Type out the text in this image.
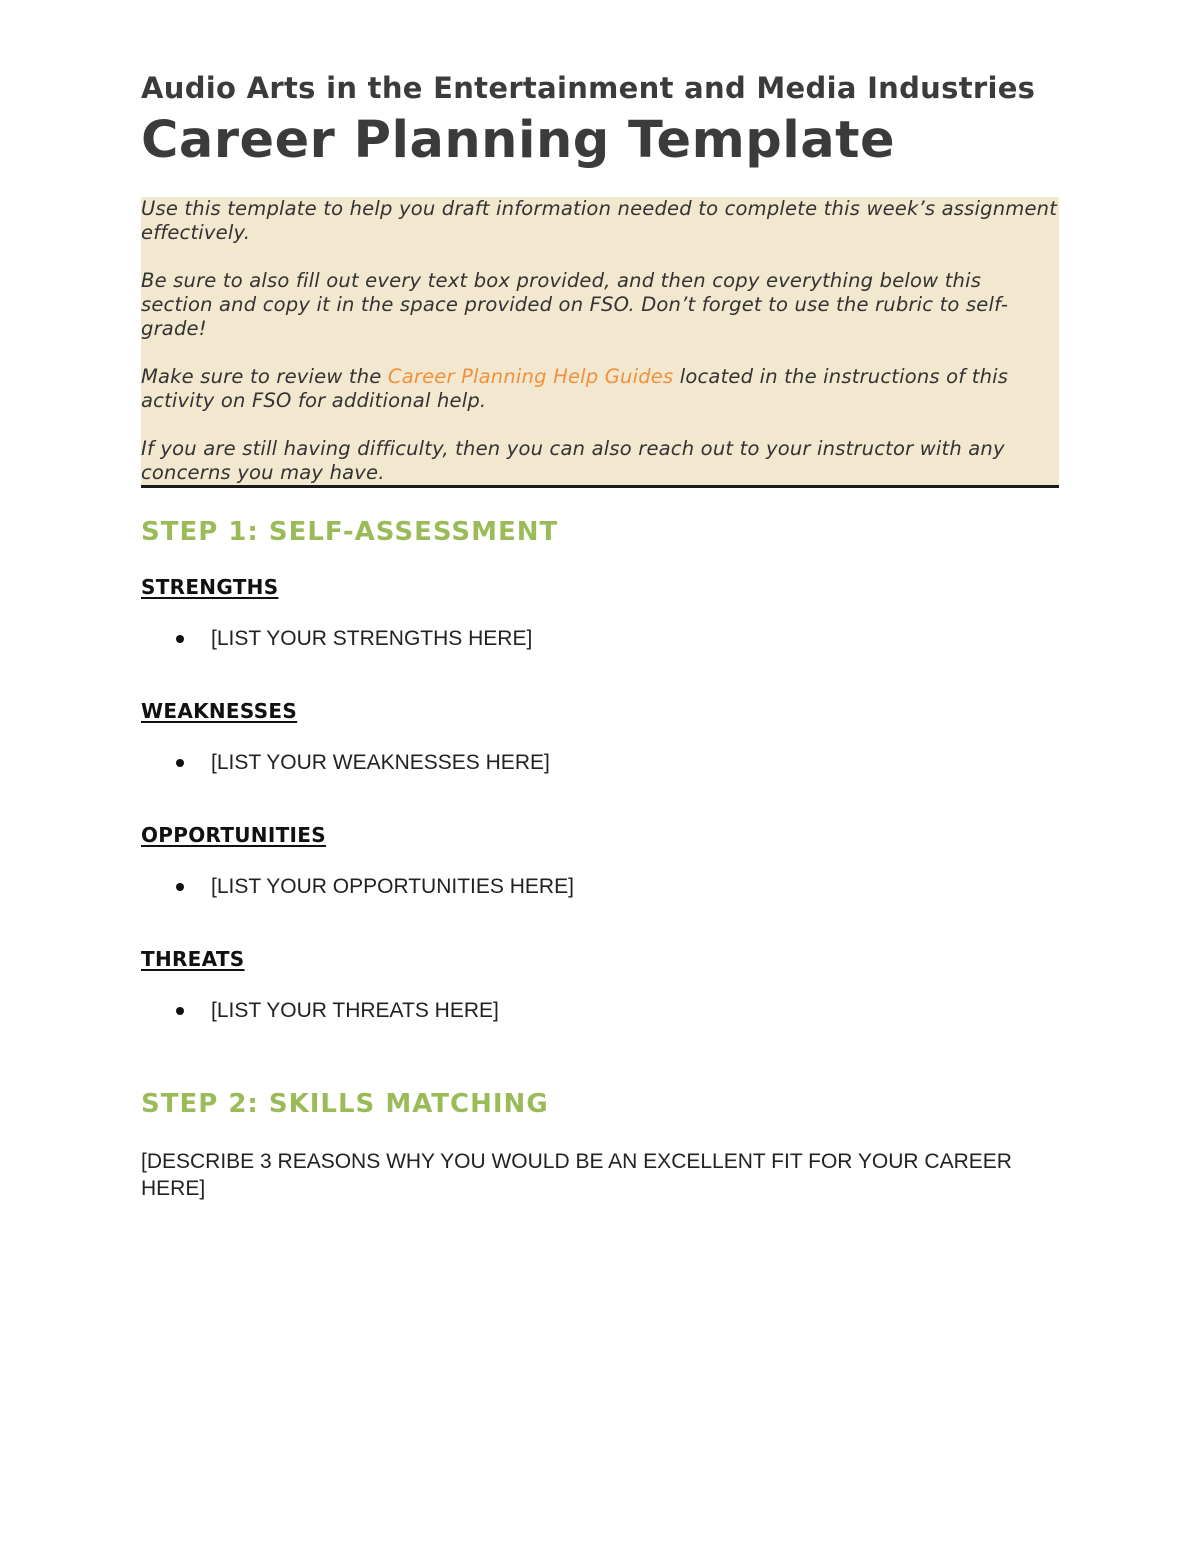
Audio Arts in the Entertainment and Media Industries
Career Planning Template

Use this template to help you draft information needed to complete this week’s assignment effectively.

Be sure to also fill out every text box provided, and then copy everything below this section and copy it in the space provided on FSO. Don’t forget to use the rubric to self-grade!

Make sure to review the Career Planning Help Guides located in the instructions of this activity on FSO for additional help.

If you are still having difficulty, then you can also reach out to your instructor with any concerns you may have.

STEP 1: SELF-ASSESSMENT
STRENGTHS
[LIST YOUR STRENGTHS HERE]
WEAKNESSES
[LIST YOUR WEAKNESSES HERE]
OPPORTUNITIES
[LIST YOUR OPPORTUNITIES HERE]
THREATS
[LIST YOUR THREATS HERE]
STEP 2: SKILLS MATCHING
[DESCRIBE 3 REASONS WHY YOU WOULD BE AN EXCELLENT FIT FOR YOUR CAREER HERE]
